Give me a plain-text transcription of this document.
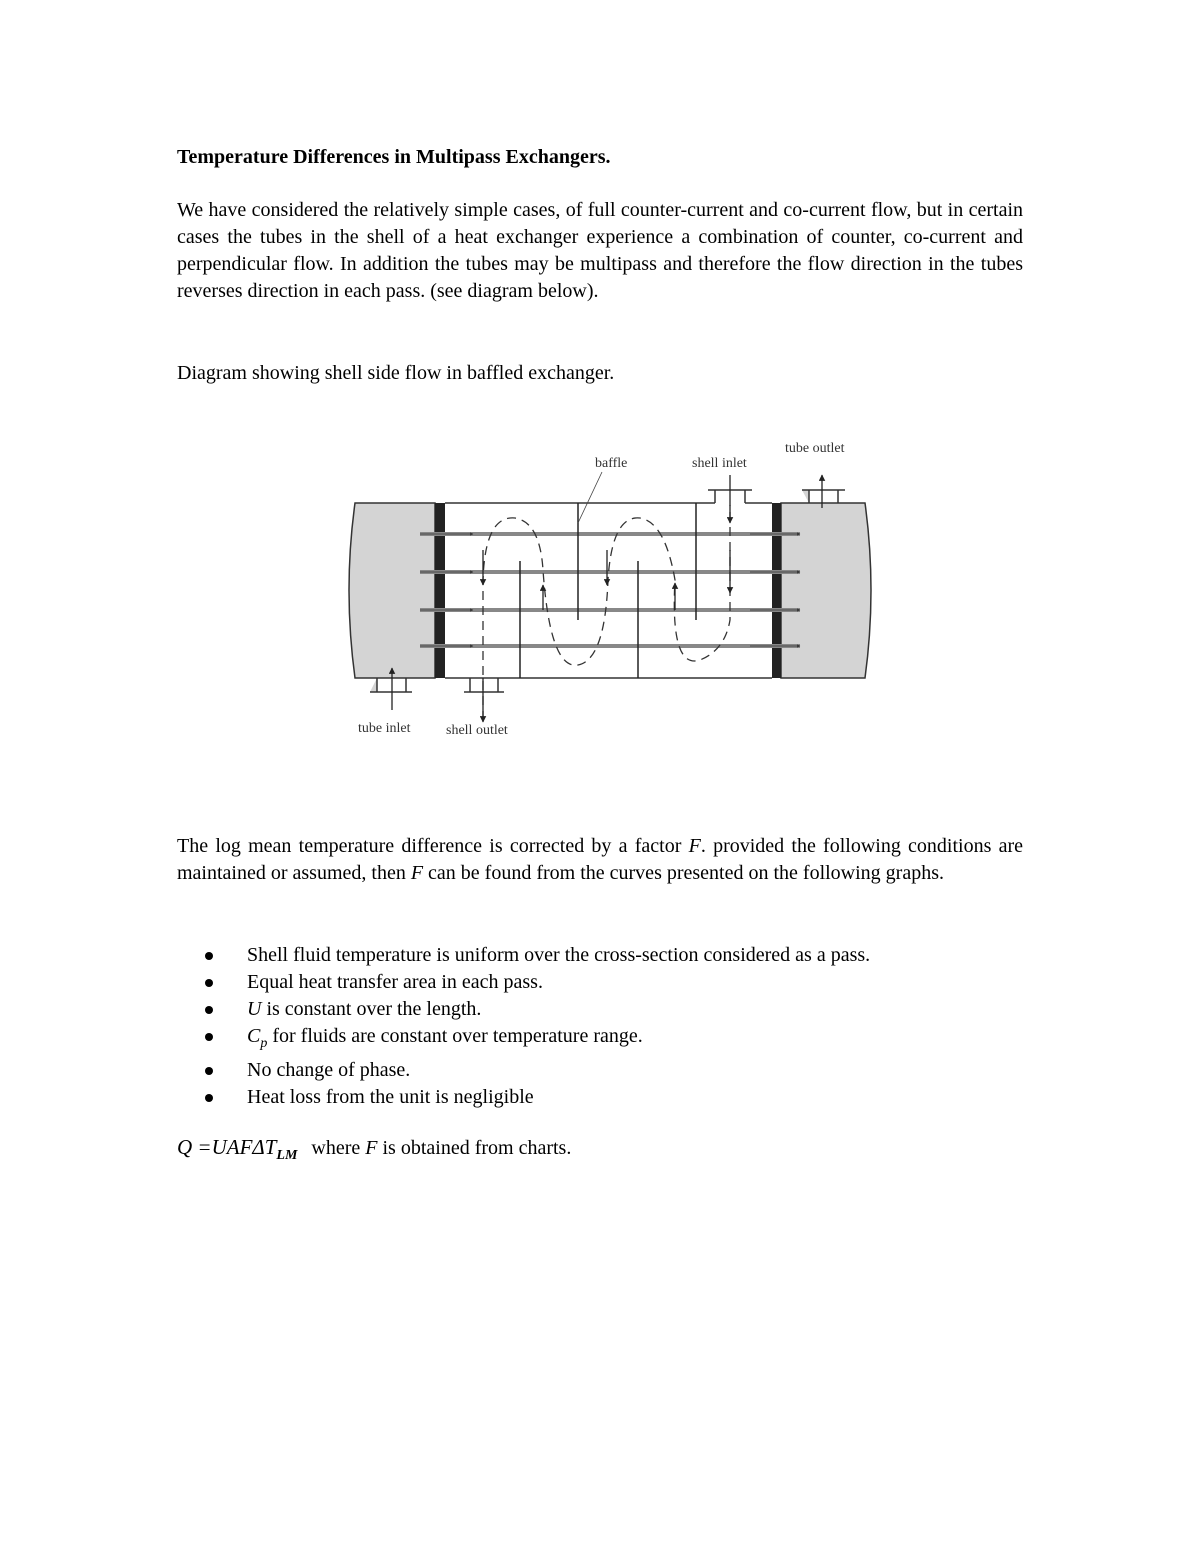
Temperature Differences in Multipass Exchangers.

We have considered the relatively simple cases, of full counter-current and co-current flow, but in certain cases the tubes in the shell of a heat exchanger experience a combination of counter, co-current and perpendicular flow. In addition the tubes may be multipass and therefore the flow direction in the tubes reverses direction in each pass. (see diagram below).

Diagram showing shell side flow in baffled exchanger.

baffle	shell inlet
tube outlet
tube inlet	shell outlet

The log mean temperature difference is corrected by a factor F. provided the following conditions are maintained or assumed, then F can be found from the curves presented on the following graphs.

Shell fluid temperature is uniform over the cross-section considered as a pass.
Equal heat transfer area in each pass.
U is constant over the length.
$C_p$ for fluids are constant over temperature range.
No change of phase.
Heat loss from the unit is negligible

$Q =UAF\Delta T_{LM}$ where F is obtained from charts.
